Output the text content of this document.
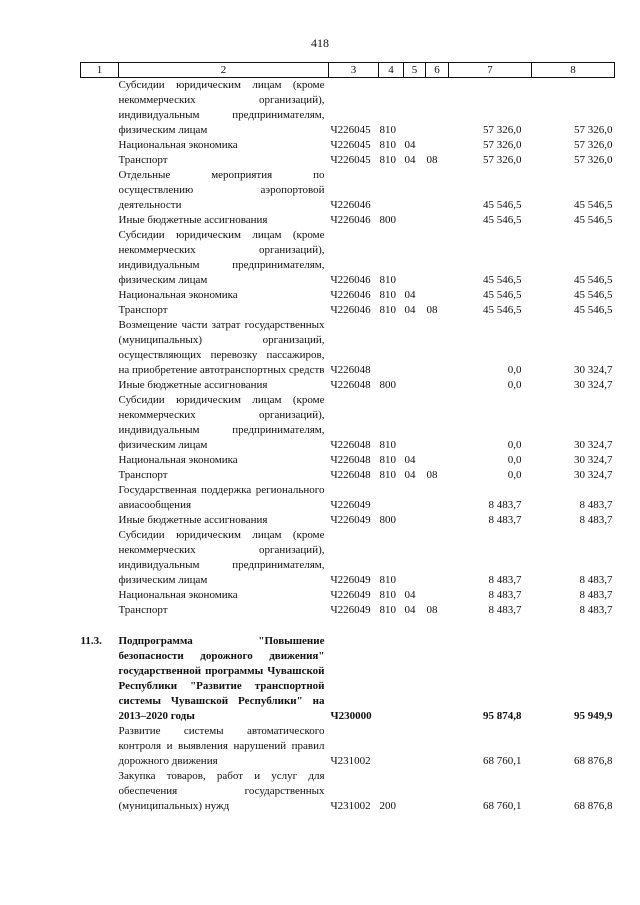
418
1	2	3	4	5	6	7	8
	Субсидии юридическим лицам (кроме некоммерческих организаций), индивидуальным предпринимателям, физическим лицам	Ч226045	810			57 326,0	57 326,0
	Национальная экономика	Ч226045	810	04		57 326,0	57 326,0
	Транспорт	Ч226045	810	04	08	57 326,0	57 326,0
	Отдельные мероприятия по осуществлению аэропортовой деятельности	Ч226046				45 546,5	45 546,5
	Иные бюджетные ассигнования	Ч226046	800			45 546,5	45 546,5
	Субсидии юридическим лицам (кроме некоммерческих организаций), индивидуальным предпринимателям, физическим лицам	Ч226046	810			45 546,5	45 546,5
	Национальная экономика	Ч226046	810	04		45 546,5	45 546,5
	Транспорт	Ч226046	810	04	08	45 546,5	45 546,5
	Возмещение части затрат государственных (муниципальных) организаций, осуществляющих перевозку пассажиров, на приобретение автотранспортных средств	Ч226048				0,0	30 324,7
	Иные бюджетные ассигнования	Ч226048	800			0,0	30 324,7
	Субсидии юридическим лицам (кроме некоммерческих организаций), индивидуальным предпринимателям, физическим лицам	Ч226048	810			0,0	30 324,7
	Национальная экономика	Ч226048	810	04		0,0	30 324,7
	Транспорт	Ч226048	810	04	08	0,0	30 324,7
	Государственная поддержка регионального авиасообщения	Ч226049				8 483,7	8 483,7
	Иные бюджетные ассигнования	Ч226049	800			8 483,7	8 483,7
	Субсидии юридическим лицам (кроме некоммерческих организаций), индивидуальным предпринимателям, физическим лицам	Ч226049	810			8 483,7	8 483,7
	Национальная экономика	Ч226049	810	04		8 483,7	8 483,7
	Транспорт	Ч226049	810	04	08	8 483,7	8 483,7

11.3.	Подпрограмма "Повышение безопасности дорожного движения" государственной программы Чувашской Республики "Развитие транспортной системы Чувашской Республики" на 2013–2020 годы	Ч230000				95 874,8	95 949,9
	Развитие системы автоматического контроля и выявления нарушений правил дорожного движения	Ч231002				68 760,1	68 876,8
	Закупка товаров, работ и услуг для обеспечения государственных (муниципальных) нужд	Ч231002	200			68 760,1	68 876,8
